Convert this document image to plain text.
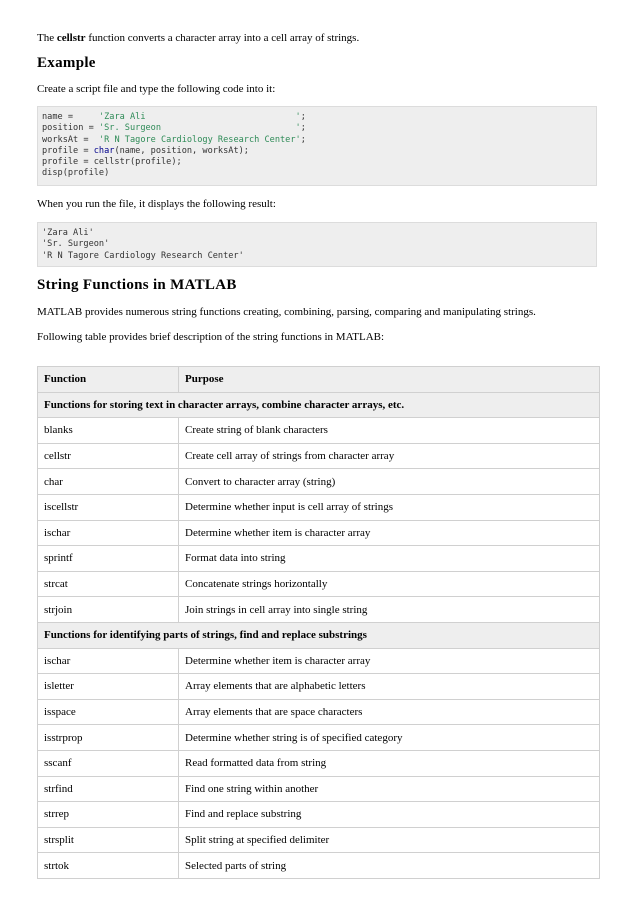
The cellstr function converts a character array into a cell array of strings.

Example

Create a script file and type the following code into it:

name =     'Zara Ali                             ';
position = 'Sr. Surgeon                          ';
worksAt =  'R N Tagore Cardiology Research Center';
profile = char(name, position, worksAt);
profile = cellstr(profile);
disp(profile)

When you run the file, it displays the following result:

'Zara Ali'
'Sr. Surgeon'
'R N Tagore Cardiology Research Center'
String Functions in MATLAB

MATLAB provides numerous string functions creating, combining, parsing, comparing and manipulating strings.

Following table provides brief description of the string functions in MATLAB:

Function	Purpose
Functions for storing text in character arrays, combine character arrays, etc.	
blanks	Create string of blank characters
cellstr	Create cell array of strings from character array
char	Convert to character array (string)
iscellstr	Determine whether input is cell array of strings
ischar	Determine whether item is character array
sprintf	Format data into string
strcat	Concatenate strings horizontally
strjoin	Join strings in cell array into single string
Functions for identifying parts of strings, find and replace substrings	
ischar	Determine whether item is character array
isletter	Array elements that are alphabetic letters
isspace	Array elements that are space characters
isstrprop	Determine whether string is of specified category
sscanf	Read formatted data from string
strfind	Find one string within another
strrep	Find and replace substring
strsplit	Split string at specified delimiter
strtok	Selected parts of string
